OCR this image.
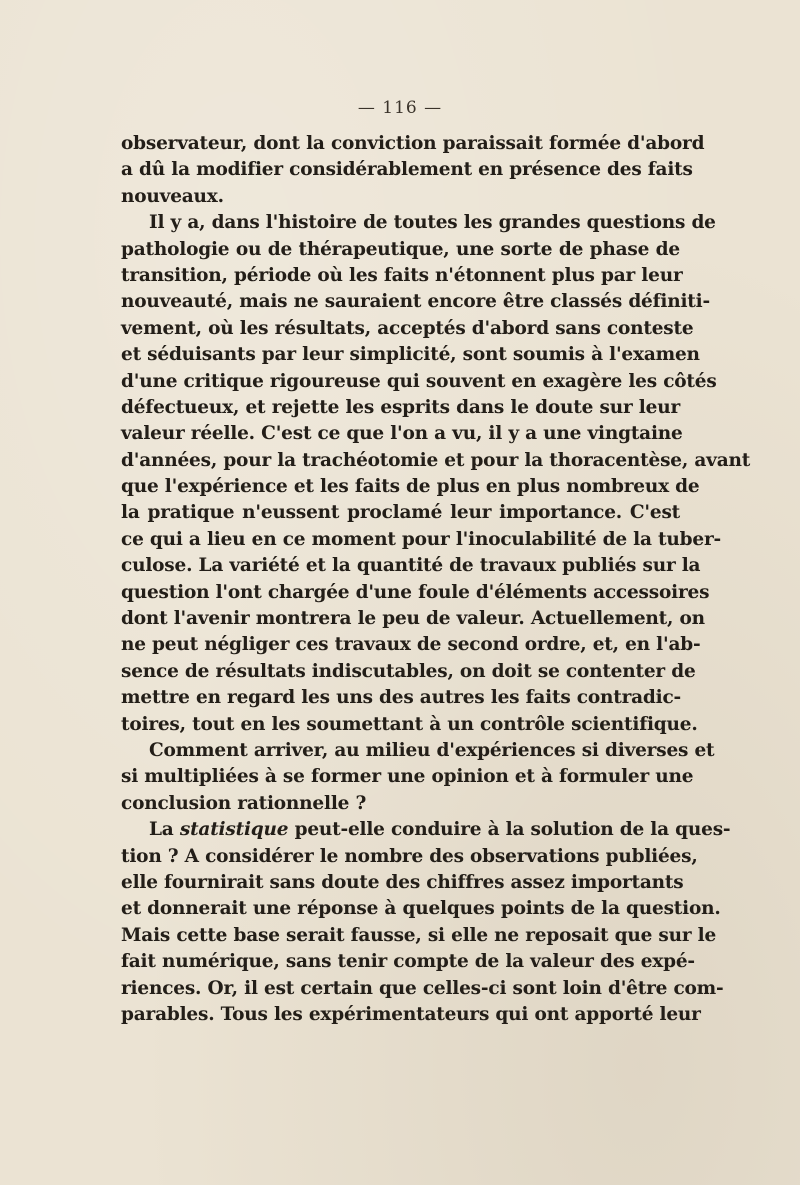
— 116 —
observateur, dont la conviction paraissait formée d'abord
a dû la modifier considérablement en présence des faits
nouveaux.
Il y a, dans l'histoire de toutes les grandes questions de
pathologie ou de thérapeutique, une sorte de phase de
transition, période où les faits n'étonnent plus par leur
nouveauté, mais ne sauraient encore être classés définiti-
vement, où les résultats, acceptés d'abord sans conteste
et séduisants par leur simplicité, sont soumis à l'examen
d'une critique rigoureuse qui souvent en exagère les côtés
défectueux, et rejette les esprits dans le doute sur leur
valeur réelle. C'est ce que l'on a vu, il y a une vingtaine
d'années, pour la trachéotomie et pour la thoracentèse, avant
que l'expérience et les faits de plus en plus nombreux de
la pratique n'eussent proclamé leur importance. C'est
ce qui a lieu en ce moment pour l'inoculabilité de la tuber-
culose. La variété et la quantité de travaux publiés sur la
question l'ont chargée d'une foule d'éléments accessoires
dont l'avenir montrera le peu de valeur. Actuellement, on
ne peut négliger ces travaux de second ordre, et, en l'ab-
sence de résultats indiscutables, on doit se contenter de
mettre en regard les uns des autres les faits contradic-
toires, tout en les soumettant à un contrôle scientifique.
Comment arriver, au milieu d'expériences si diverses et
si multipliées à se former une opinion et à formuler une
conclusion rationnelle ?
La statistique peut-elle conduire à la solution de la ques-
tion ? A considérer le nombre des observations publiées,
elle fournirait sans doute des chiffres assez importants
et donnerait une réponse à quelques points de la question.
Mais cette base serait fausse, si elle ne reposait que sur le
fait numérique, sans tenir compte de la valeur des expé-
riences. Or, il est certain que celles-ci sont loin d'être com-
parables. Tous les expérimentateurs qui ont apporté leur
